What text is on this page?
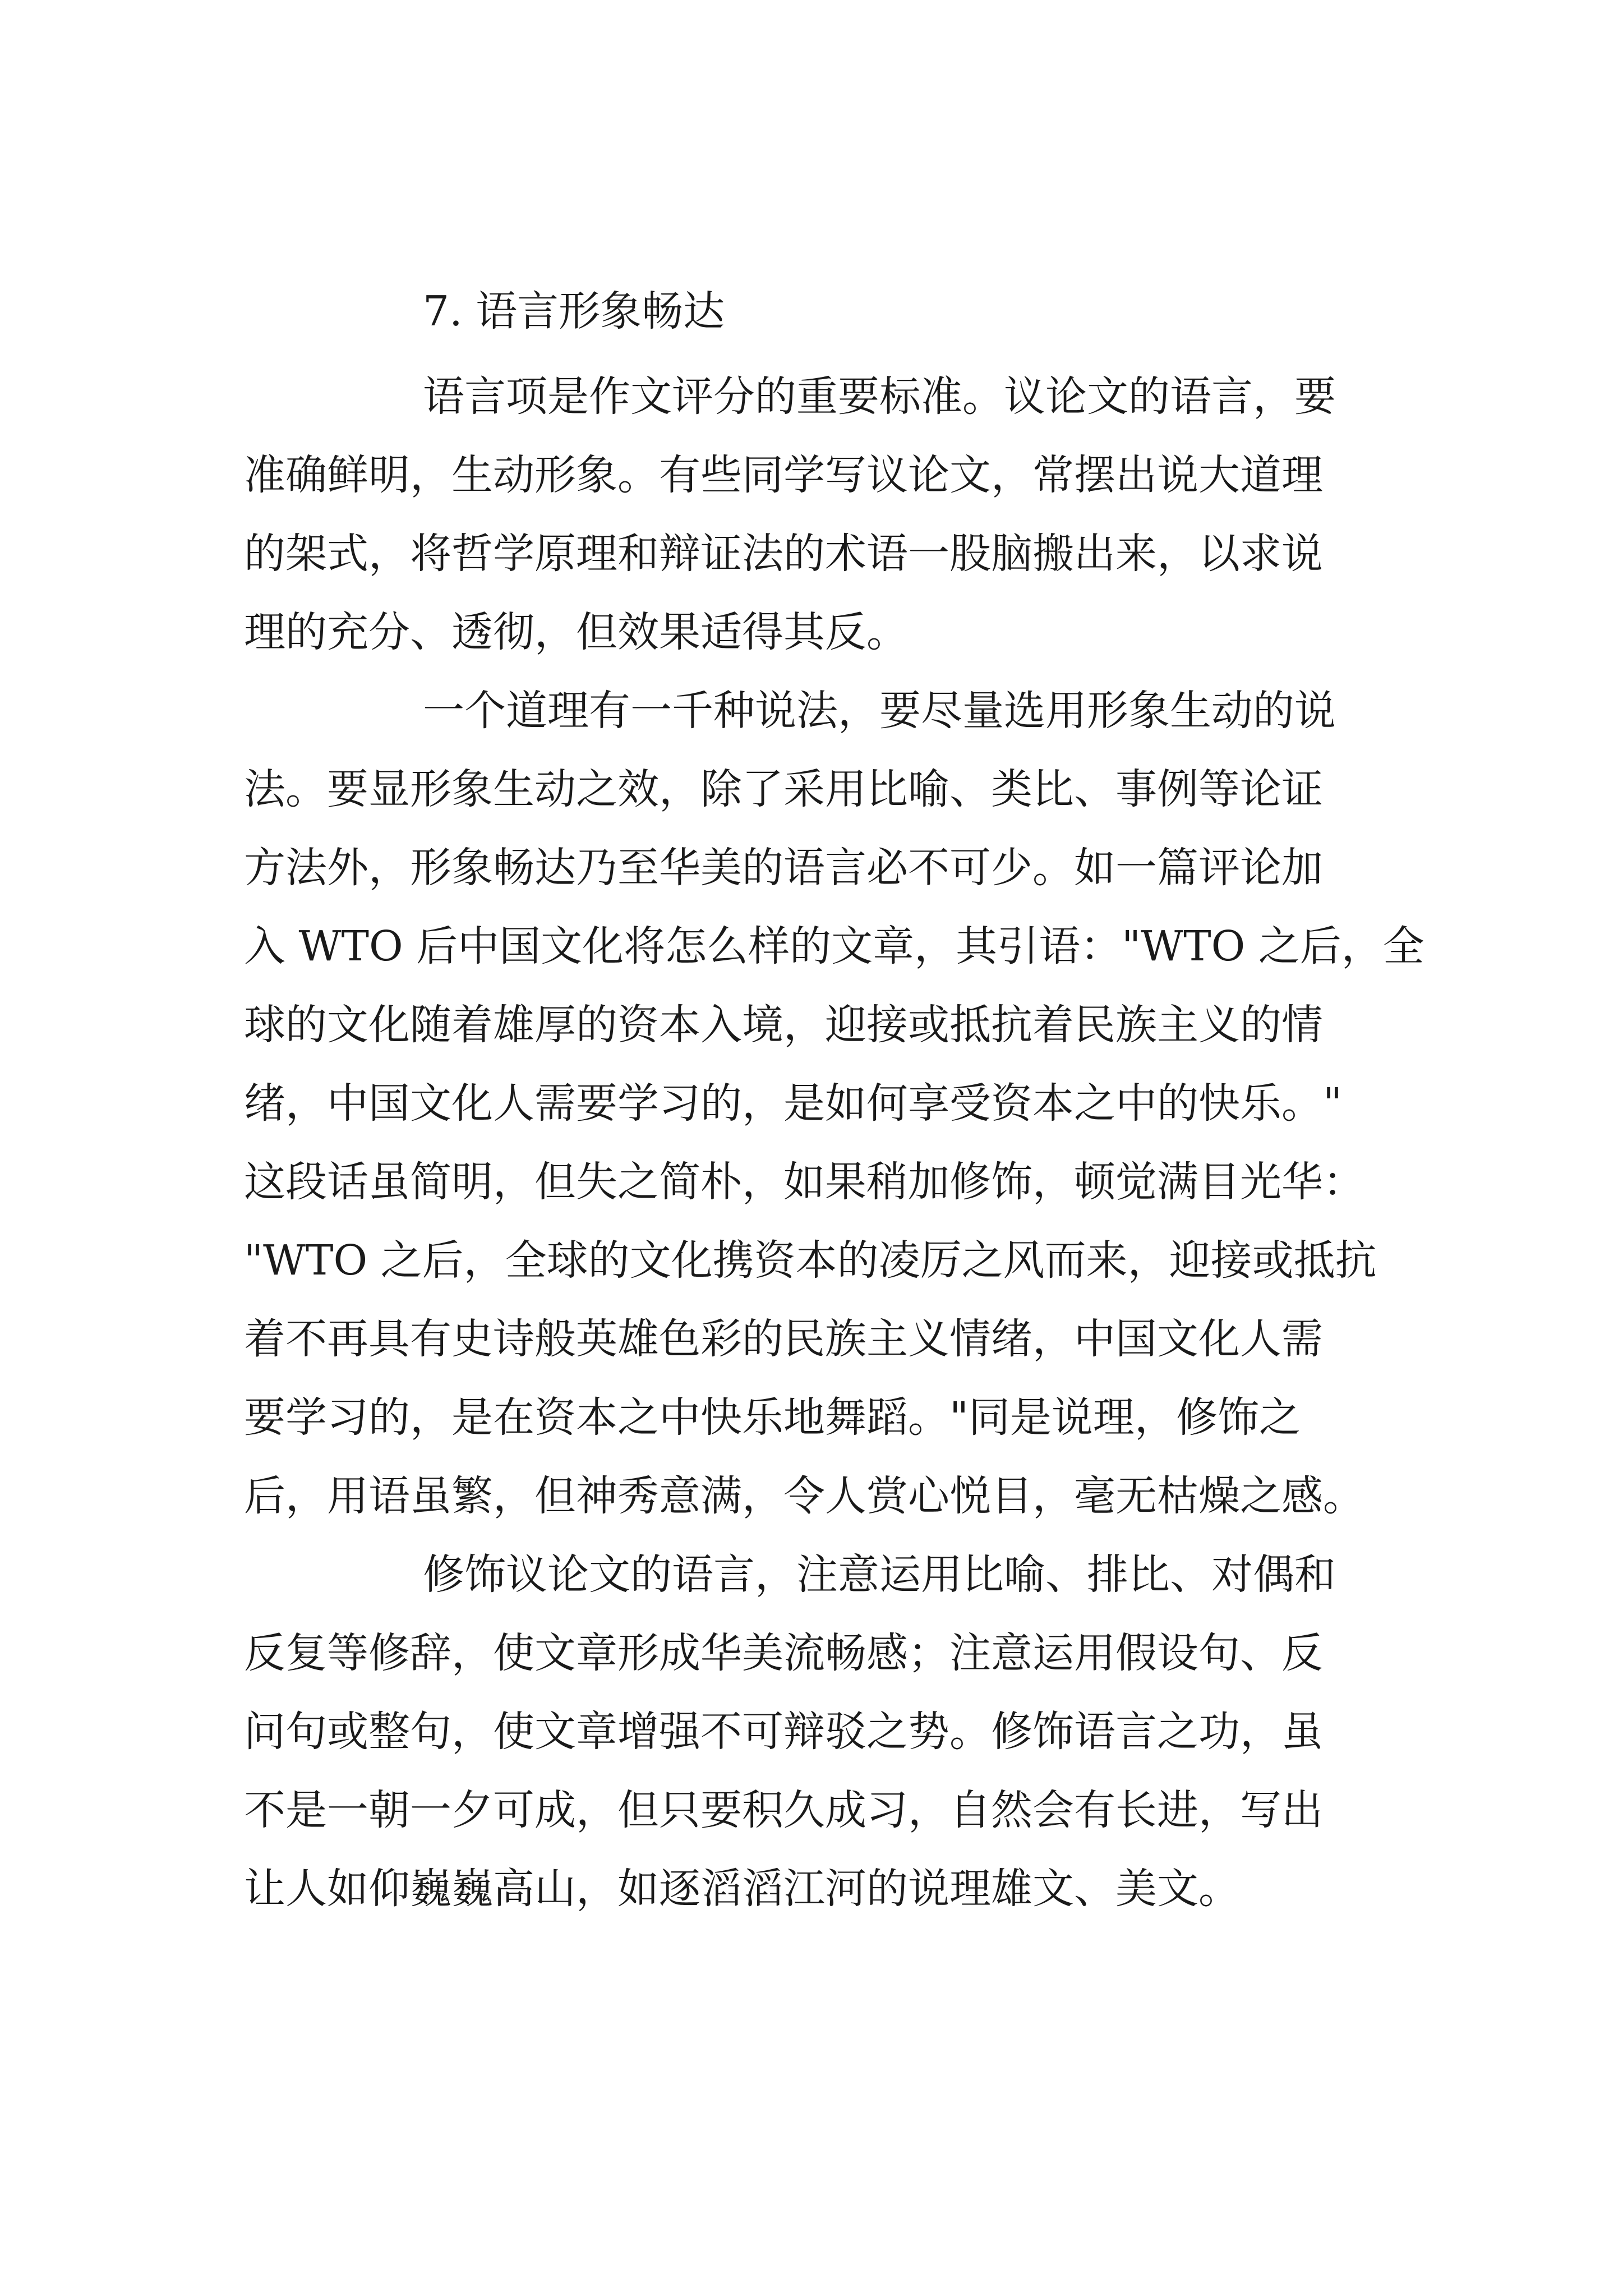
7. 语言形象畅达

语言项是作文评分的重要标准。议论文的语言，要

准确鲜明，生动形象。有些同学写议论文，常摆出说大道理

的架式，将哲学原理和辩证法的术语一股脑搬出来，以求说

理的充分、透彻，但效果适得其反。

一个道理有一千种说法，要尽量选用形象生动的说

法。要显形象生动之效，除了采用比喻、类比、事例等论证

方法外，形象畅达乃至华美的语言必不可少。如一篇评论加

入 WTO 后中国文化将怎么样的文章，其引语："WTO 之后，全

球的文化随着雄厚的资本入境，迎接或抵抗着民族主义的情

绪，中国文化人需要学习的，是如何享受资本之中的快乐。"

这段话虽简明，但失之简朴，如果稍加修饰，顿觉满目光华：

"WTO 之后，全球的文化携资本的凌厉之风而来，迎接或抵抗

着不再具有史诗般英雄色彩的民族主义情绪，中国文化人需

要学习的，是在资本之中快乐地舞蹈。"同是说理，修饰之

后，用语虽繁，但神秀意满，令人赏心悦目，毫无枯燥之感。

修饰议论文的语言，注意运用比喻、排比、对偶和

反复等修辞，使文章形成华美流畅感；注意运用假设句、反

问句或整句，使文章增强不可辩驳之势。修饰语言之功，虽

不是一朝一夕可成，但只要积久成习，自然会有长进，写出

让人如仰巍巍高山，如逐滔滔江河的说理雄文、美文。
